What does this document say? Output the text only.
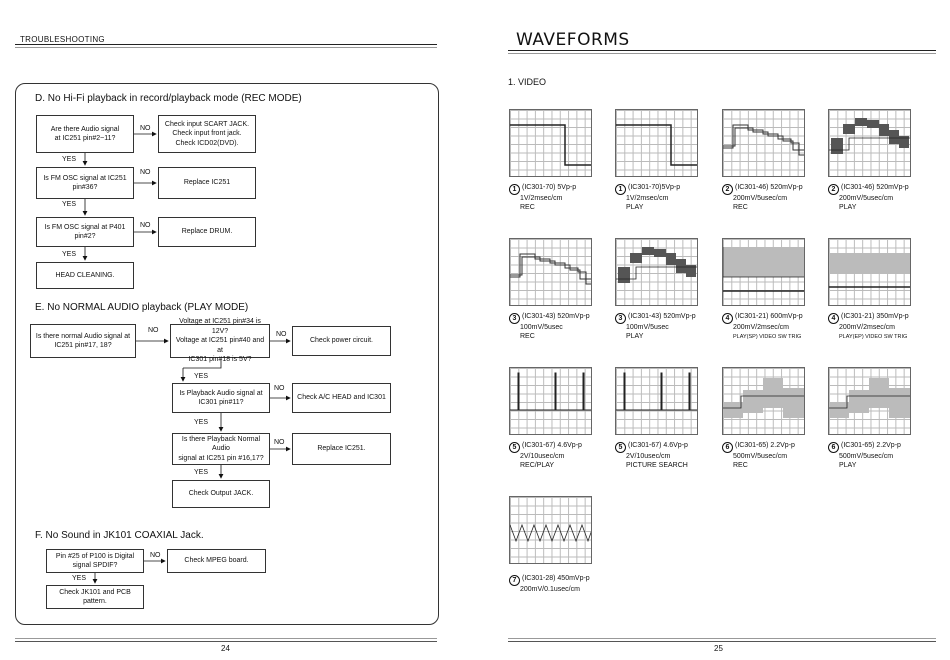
TROUBLESHOOTING
D. No Hi-Fi playback in record/playback mode (REC MODE)
Are there Audio signal
at IC251 pin#2~11?
Check input SCART JACK.
Check input front jack.
Check ICD02(DVD).
Is FM OSC signal at IC251
pin#36?
Replace IC251
Is FM OSC signal at P401 pin#2?
Replace DRUM.
HEAD CLEANING.
NO
NO
NO
YES
YES
YES
E. No NORMAL AUDIO playback (PLAY MODE)
Is there normal Audio signal at
IC251 pin#17, 18?
Voltage at IC251 pin#34 is 12V?
Voltage at IC251 pin#40 and at
IC301 pin#18 is 5V?
Check power circuit.
Is Playback Audio signal at
IC301 pin#11?
Check A/C HEAD and IC301
Is there Playback Normal Audio
signal at IC251 pin #16,17?
Replace IC251.
Check Output JACK.
NO
NO
NO
NO
YES
YES
YES
F. No Sound in JK101 COAXIAL Jack.
Pin #25 of P100 is Digital
signal SPDIF?
Check MPEG board.
Check JK101 and PCB pattern.
NO
YES
24
WAVEFORMS
1. VIDEO
1 (IC301-70) 5Vp-p
1V/2msec/cm
REC
1 (IC301-70)5Vp-p
1V/2msec/cm
PLAY
2 (IC301-46) 520mVp-p
200mV/5usec/cm
REC
2 (IC301-46) 520mVp-p
200mV/5usec/cm
PLAY
3 (IC301-43) 520mVp-p
100mV/5usec
REC
3 (IC301-43) 520mVp-p
100mV/5usec
PLAY
4 (IC301-21) 600mVp-p
200mV/2msec/cm
PLAY(SP) VIDEO SW TRIG
4 (IC301-21) 350mVp-p
200mV/2msec/cm
PLAY(EP) VIDEO SW TRIG
5 (IC301-67) 4.6Vp-p
2V/10usec/cm
REC/PLAY
5 (IC301-67) 4.6Vp-p
2V/10usec/cm
PICTURE SEARCH
6 (IC301-65) 2.2Vp-p
500mV/5usec/cm
REC
6 (IC301-65) 2.2Vp-p
500mV/5usec/cm
PLAY
7 (IC301-28) 450mVp-p
200mV/0.1usec/cm
25
